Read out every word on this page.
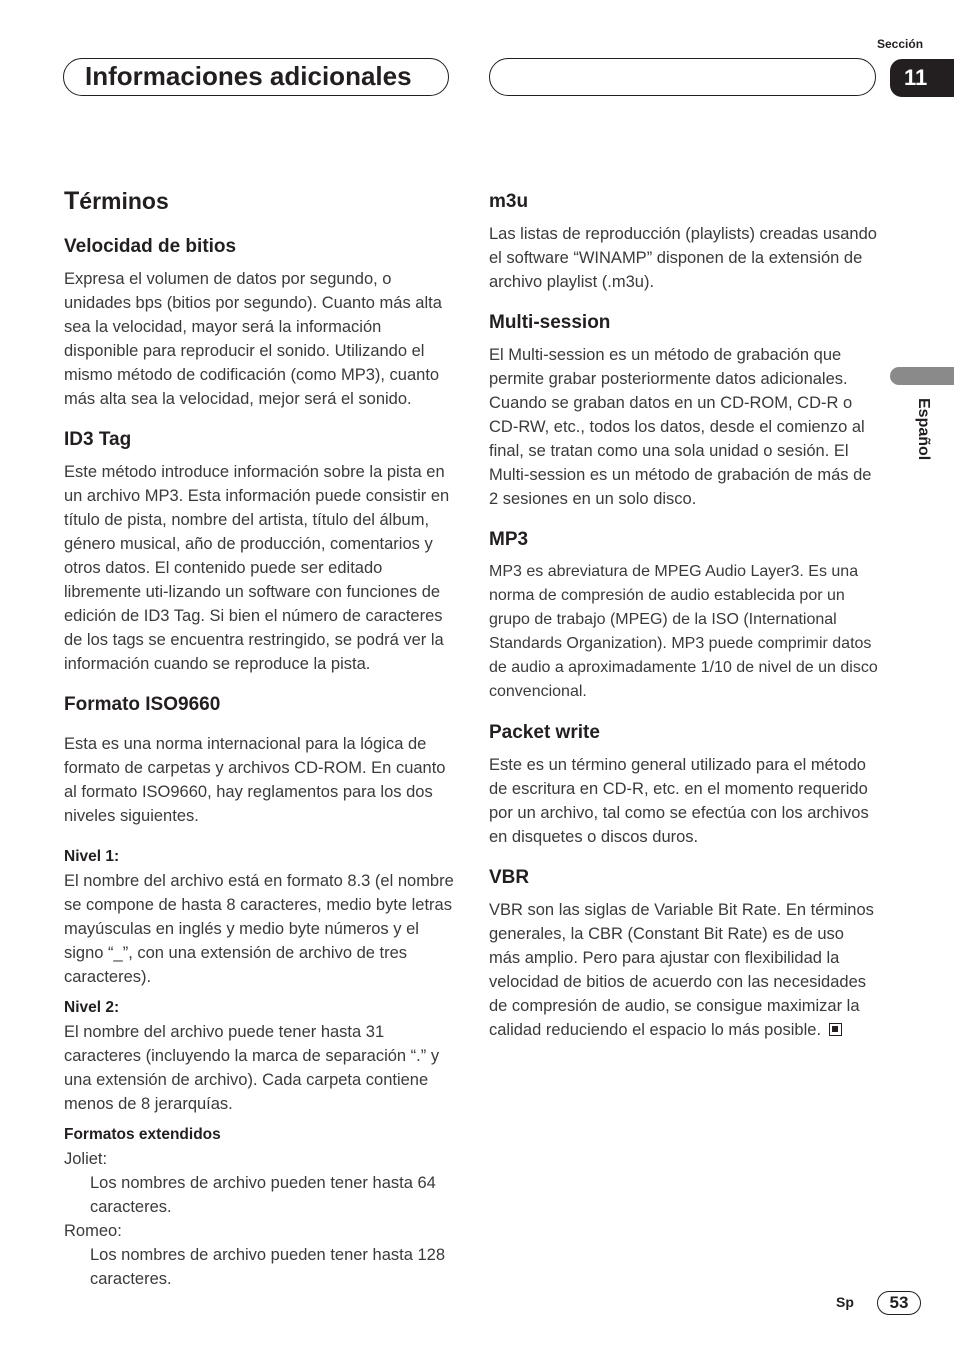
Informaciones adicionales
Sección
11
Español
Términos
Velocidad de bitios
Expresa el volumen de datos por segundo, o unidades bps (bitios por segundo). Cuanto más alta sea la velocidad, mayor será la información disponible para reproducir el sonido. Utilizando el mismo método de codificación (como MP3), cuanto más alta sea la velocidad, mejor será el sonido.
ID3 Tag
Este método introduce información sobre la pista en un archivo MP3. Esta información puede consistir en título de pista, nombre del artista, título del álbum, género musical, año de producción, comentarios y otros datos. El contenido puede ser editado libremente uti-lizando un software con funciones de edición de ID3 Tag. Si bien el número de caracteres de los tags se encuentra restringido, se podrá ver la información cuando se reproduce la pista.
Formato ISO9660
Esta es una norma internacional para la lógica de formato de carpetas y archivos CD-ROM. En cuanto al formato ISO9660, hay reglamentos para los dos niveles siguientes.
Nivel 1:
El nombre del archivo está en formato 8.3 (el nombre se compone de hasta 8 caracteres, medio byte letras mayúsculas en inglés y medio byte números y el signo “_”, con una extensión de archivo de tres caracteres).
Nivel 2:
El nombre del archivo puede tener hasta 31 caracteres (incluyendo la marca de separación “.” y una extensión de archivo). Cada carpeta contiene menos de 8 jerarquías.
Formatos extendidos
Joliet:
Los nombres de archivo pueden tener hasta 64 caracteres.
Romeo:
Los nombres de archivo pueden tener hasta 128 caracteres.
m3u
Las listas de reproducción (playlists) creadas usando el software “WINAMP” disponen de la extensión de archivo playlist (.m3u).
Multi-session
El Multi-session es un método de grabación que permite grabar posteriormente datos adicionales. Cuando se graban datos en un CD-ROM, CD-R o CD-RW, etc., todos los datos, desde el comienzo al final, se tratan como una sola unidad o sesión. El Multi-session es un método de grabación de más de 2 sesiones en un solo disco.
MP3
MP3 es abreviatura de MPEG Audio Layer3. Es una norma de compresión de audio establecida por un grupo de trabajo (MPEG) de la ISO (International Standards Organization). MP3 puede comprimir datos de audio a aproximadamente 1/10 de nivel de un disco convencional.
Packet write
Este es un término general utilizado para el método de escritura en CD-R, etc. en el momento requerido por un archivo, tal como se efectúa con los archivos en disquetes o discos duros.
VBR
VBR son las siglas de Variable Bit Rate. En términos generales, la CBR (Constant Bit Rate) es de uso más amplio. Pero para ajustar con flexibilidad la velocidad de bitios de acuerdo con las necesidades de compresión de audio, se consigue maximizar la calidad reduciendo el espacio lo más posible.
Sp 53
